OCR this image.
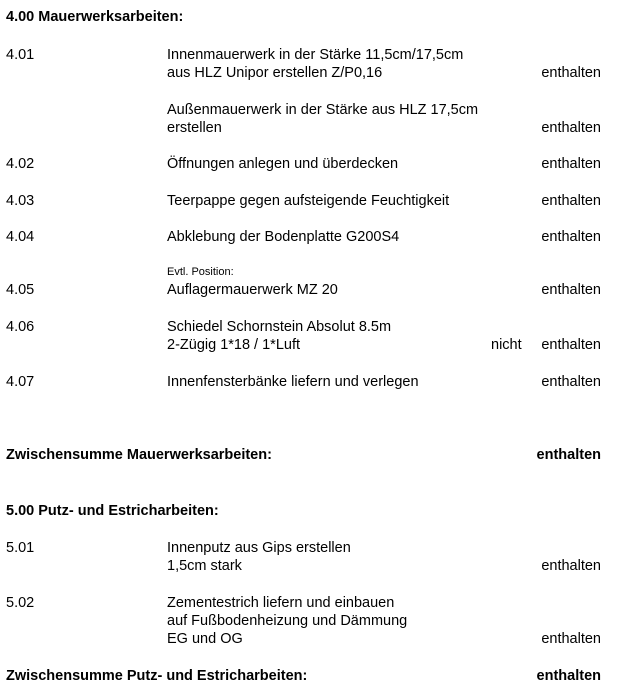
4.00 Mauerwerksarbeiten:
4.01	Innenmauerwerk in der Stärke 11,5cm/17,5cm
aus HLZ Unipor erstellen Z/P0,16	enthalten
Außenmauerwerk in der Stärke aus HLZ 17,5cm
erstellen	enthalten
4.02	Öffnungen anlegen und überdecken	enthalten
4.03	Teerpappe gegen aufsteigende Feuchtigkeit	enthalten
4.04	Abklebung der Bodenplatte G200S4	enthalten
Evtl. Position:
4.05	Auflagermauerwerk MZ 20	enthalten
4.06	Schiedel Schornstein Absolut 8.5m
2-Zügig 1*18 / 1*Luft	nicht enthalten
4.07	Innenfensterbänke liefern und verlegen	enthalten
Zwischensumme Mauerwerksarbeiten:	enthalten
5.00 Putz- und Estricharbeiten:
5.01	Innenputz aus Gips erstellen
1,5cm stark	enthalten
5.02	Zementestrich liefern und einbauen
auf Fußbodenheizung und Dämmung
EG und OG	enthalten
Zwischensumme Putz- und Estricharbeiten:	enthalten
